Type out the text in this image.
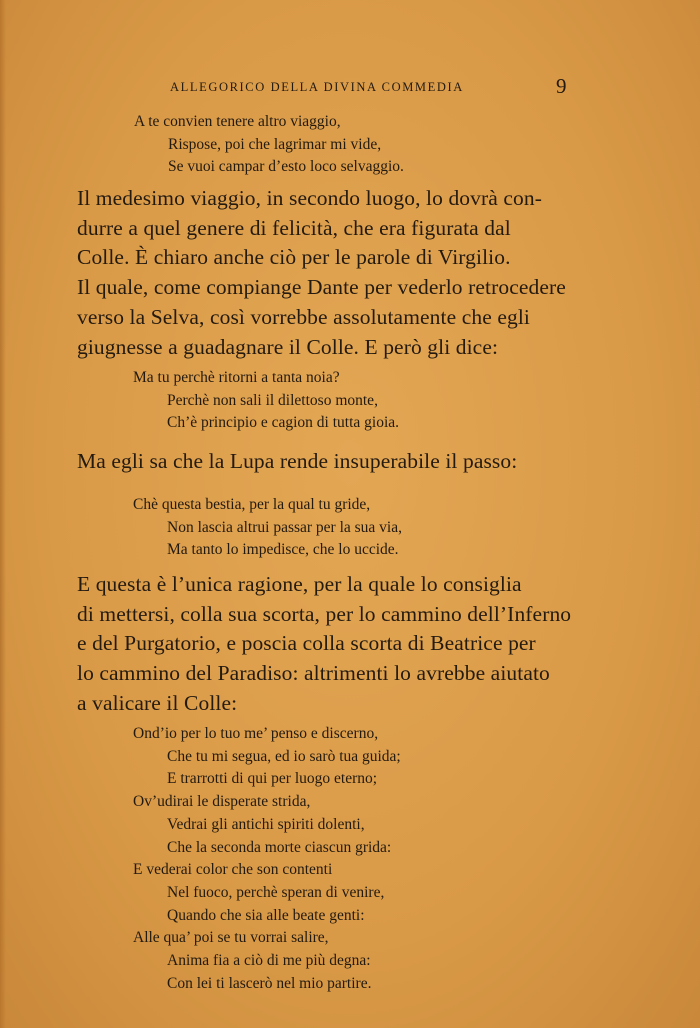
ALLEGORICO DELLA DIVINA COMMEDIA	9
A te convien tenere altro viaggio,
Rispose, poi che lagrimar mi vide,
Se vuoi campar d’esto loco selvaggio.
Il medesimo viaggio, in secondo luogo, lo dovrà con-
durre a quel genere di felicità, che era figurata dal
Colle. È chiaro anche ciò per le parole di Virgilio.
Il quale, come compiange Dante per vederlo retrocedere
verso la Selva, così vorrebbe assolutamente che egli
giugnesse a guadagnare il Colle. E però gli dice:
Ma tu perchè ritorni a tanta noia?
Perchè non sali il dilettoso monte,
Ch’è principio e cagion di tutta gioia.
Ma egli sa che la Lupa rende insuperabile il passo:
Chè questa bestia, per la qual tu gride,
Non lascia altrui passar per la sua via,
Ma tanto lo impedisce, che lo uccide.
E questa è l’unica ragione, per la quale lo consiglia
di mettersi, colla sua scorta, per lo cammino dell’Inferno
e del Purgatorio, e poscia colla scorta di Beatrice per
lo cammino del Paradiso: altrimenti lo avrebbe aiutato
a valicare il Colle:
Ond’io per lo tuo me’ penso e discerno,
Che tu mi segua, ed io sarò tua guida;
E trarrotti di qui per luogo eterno;
Ov’udirai le disperate strida,
Vedrai gli antichi spiriti dolenti,
Che la seconda morte ciascun grida:
E vederai color che son contenti
Nel fuoco, perchè speran di venire,
Quando che sia alle beate genti:
Alle qua’ poi se tu vorrai salire,
Anima fia a ciò di me più degna:
Con lei ti lascerò nel mio partire.
